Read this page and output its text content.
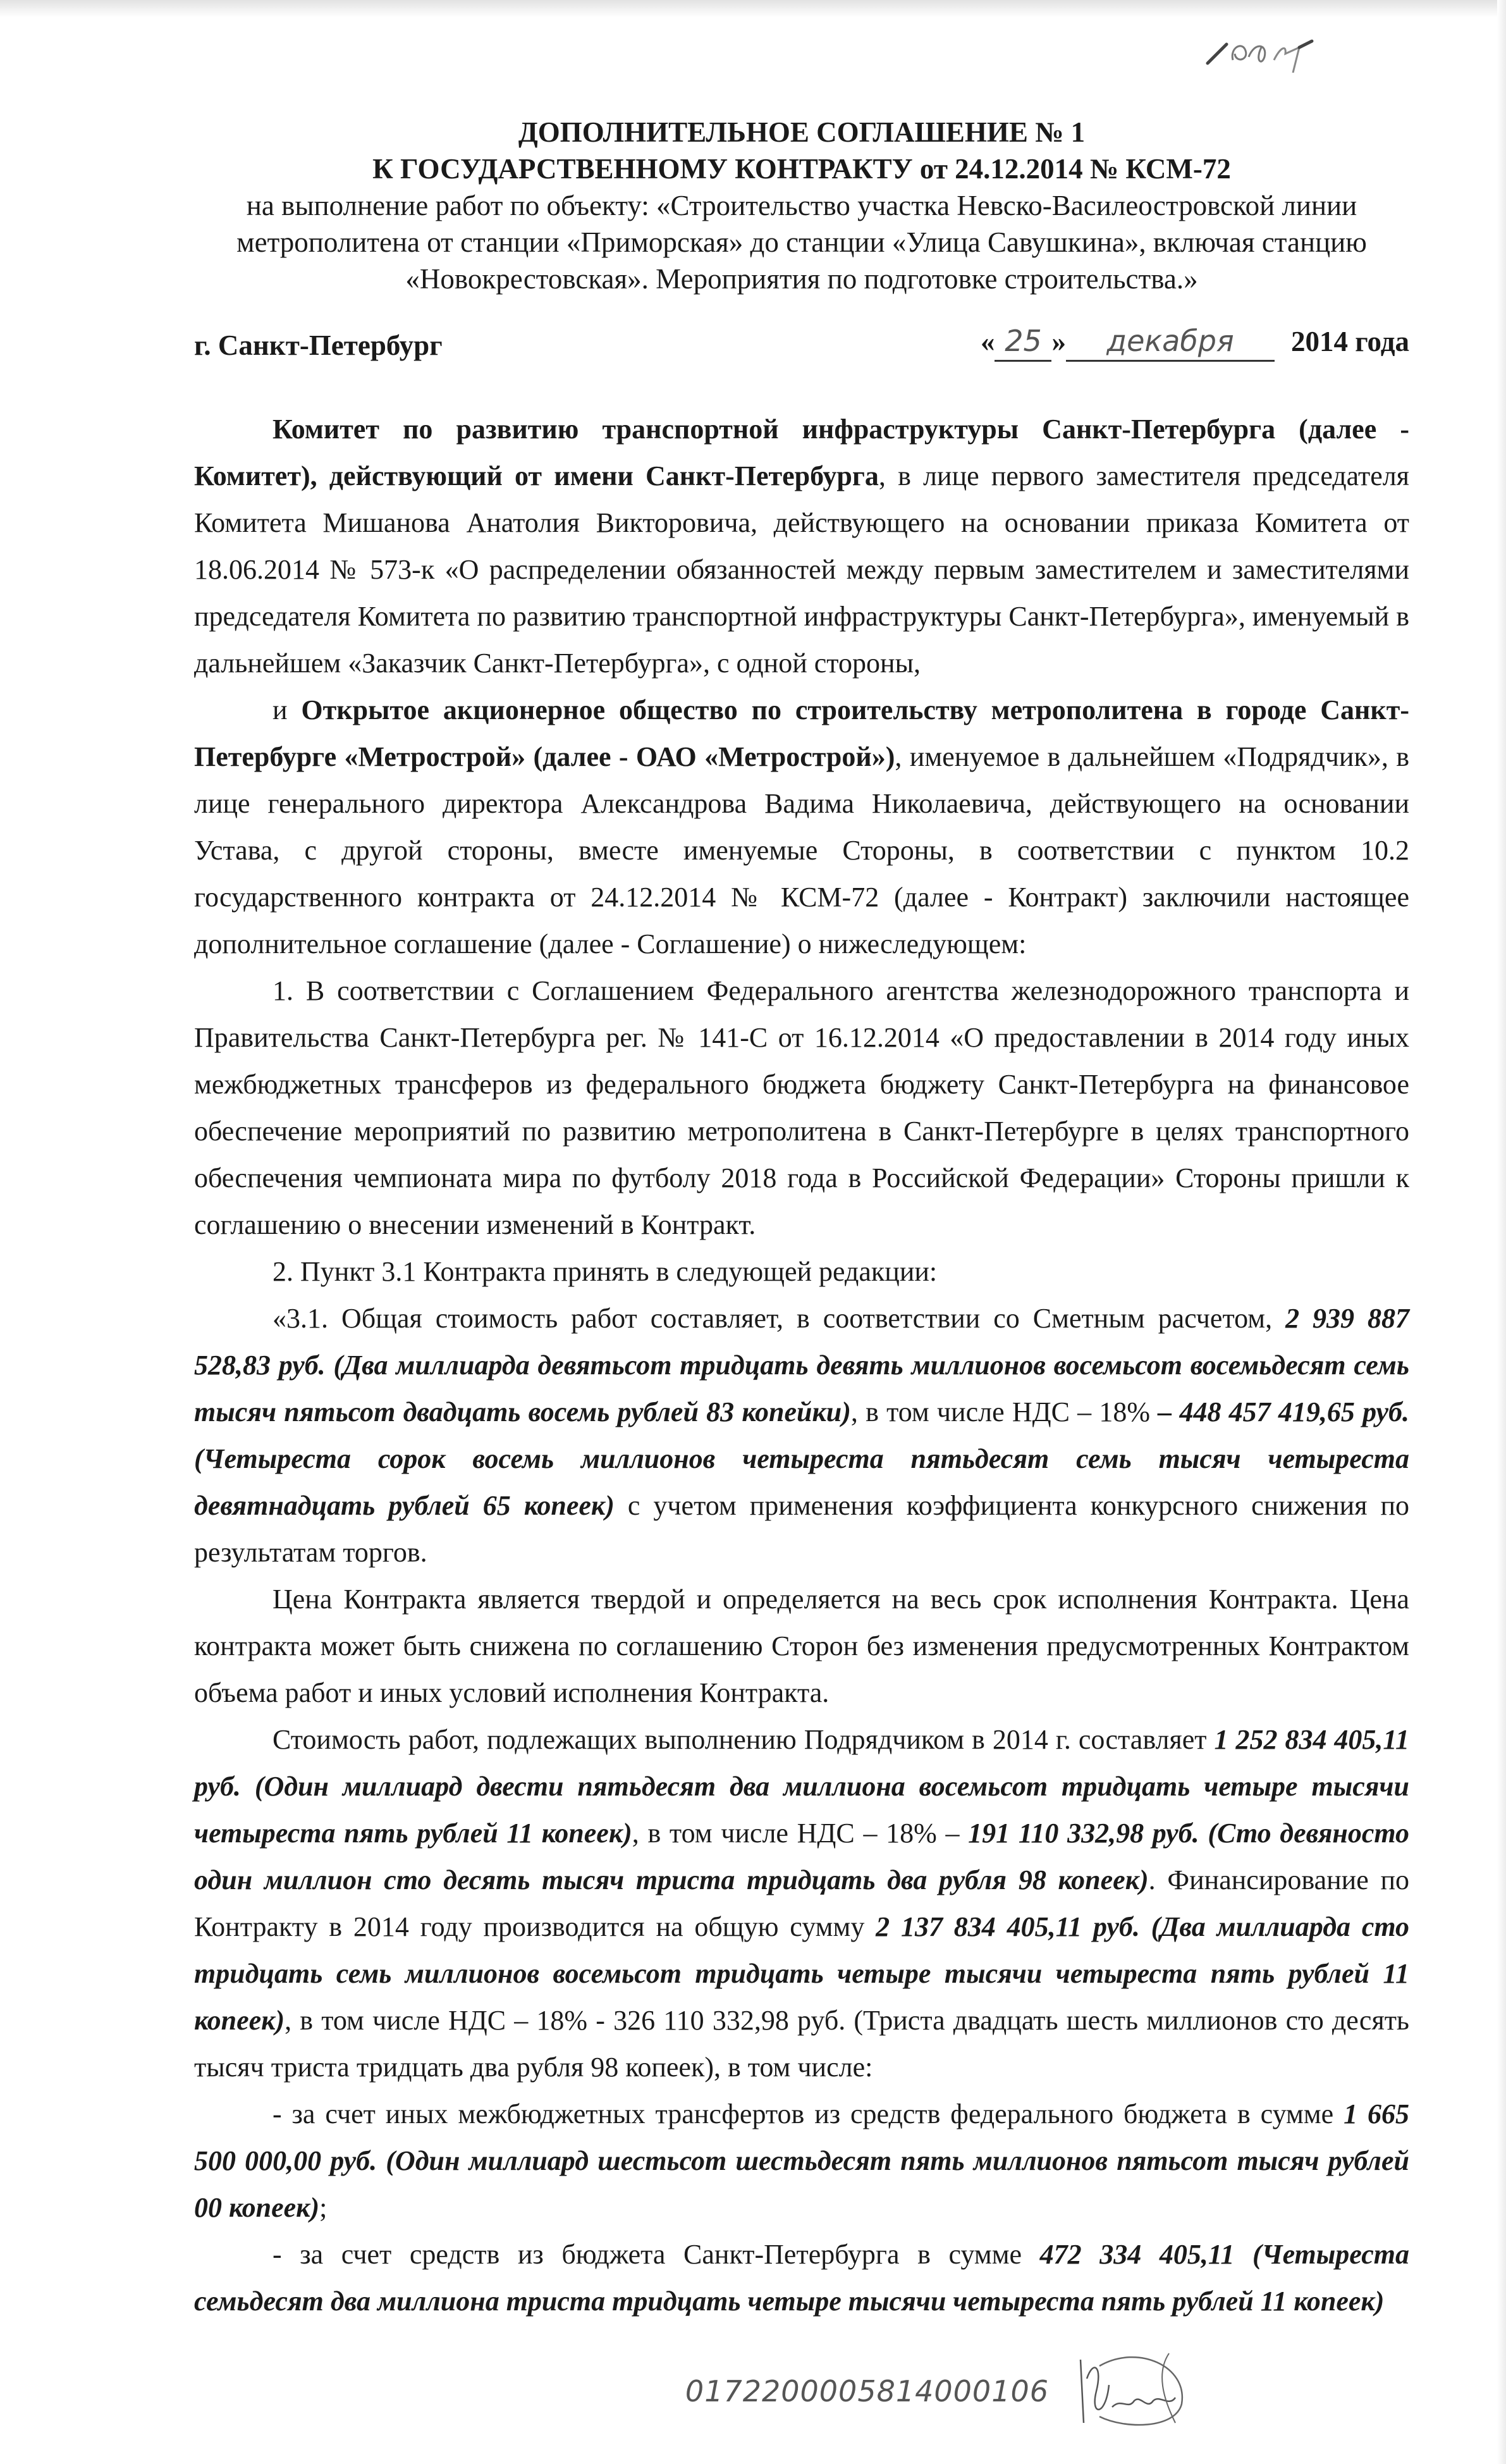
ДОПОЛНИТЕЛЬНОЕ СОГЛАШЕНИЕ № 1

К ГОСУДАРСТВЕННОМУ КОНТРАКТУ от 24.12.2014 № КСМ-72

на выполнение работ по объекту: «Строительство участка Невско-Василеостровской линии метрополитена от станции «Приморская» до станции «Улица Савушкина», включая станцию «Новокрестовская». Мероприятия по подготовке строительства.»

г. Санкт-Петербург	« 25 » декабря 2014 года

Комитет по развитию транспортной инфраструктуры Санкт-Петербурга (далее - Комитет), действующий от имени Санкт-Петербурга, в лице первого заместителя председателя Комитета Мишанова Анатолия Викторовича, действующего на основании приказа Комитета от 18.06.2014 № 573-к «О распределении обязанностей между первым заместителем и заместителями председателя Комитета по развитию транспортной инфраструктуры Санкт-Петербурга», именуемый в дальнейшем «Заказчик Санкт-Петербурга», с одной стороны,

и Открытое акционерное общество по строительству метрополитена в городе Санкт-Петербурге «Метрострой» (далее - ОАО «Метрострой»), именуемое в дальнейшем «Подрядчик», в лице генерального директора Александрова Вадима Николаевича, действующего на основании Устава, с другой стороны, вместе именуемые Стороны, в соответствии с пунктом 10.2 государственного контракта от 24.12.2014 № КСМ-72 (далее - Контракт) заключили настоящее дополнительное соглашение (далее - Соглашение) о нижеследующем:

1. В соответствии с Соглашением Федерального агентства железнодорожного транспорта и Правительства Санкт-Петербурга рег. № 141-С от 16.12.2014 «О предоставлении в 2014 году иных межбюджетных трансферов из федерального бюджета бюджету Санкт-Петербурга на финансовое обеспечение мероприятий по развитию метрополитена в Санкт-Петербурге в целях транспортного обеспечения чемпионата мира по футболу 2018 года в Российской Федерации» Стороны пришли к соглашению о внесении изменений в Контракт.

2. Пункт 3.1 Контракта принять в следующей редакции:

«3.1. Общая стоимость работ составляет, в соответствии со Сметным расчетом, 2 939 887 528,83 руб. (Два миллиарда девятьсот тридцать девять миллионов восемьсот восемьдесят семь тысяч пятьсот двадцать восемь рублей 83 копейки), в том числе НДС – 18% – 448 457 419,65 руб. (Четыреста сорок восемь миллионов четыреста пятьдесят семь тысяч четыреста девятнадцать рублей 65 копеек) с учетом применения коэффициента конкурсного снижения по результатам торгов.

Цена Контракта является твердой и определяется на весь срок исполнения Контракта. Цена контракта может быть снижена по соглашению Сторон без изменения предусмотренных Контрактом объема работ и иных условий исполнения Контракта.

Стоимость работ, подлежащих выполнению Подрядчиком в 2014 г. составляет 1 252 834 405,11 руб. (Один миллиард двести пятьдесят два миллиона восемьсот тридцать четыре тысячи четыреста пять рублей 11 копеек), в том числе НДС – 18% – 191 110 332,98 руб. (Сто девяносто один миллион сто десять тысяч триста тридцать два рубля 98 копеек). Финансирование по Контракту в 2014 году производится на общую сумму 2 137 834 405,11 руб. (Два миллиарда сто тридцать семь миллионов восемьсот тридцать четыре тысячи четыреста пять рублей 11 копеек), в том числе НДС – 18% - 326 110 332,98 руб. (Триста двадцать шесть миллионов сто десять тысяч триста тридцать два рубля 98 копеек), в том числе:

- за счет иных межбюджетных трансфертов из средств федерального бюджета в сумме 1 665 500 000,00 руб. (Один миллиард шестьсот шестьдесят пять миллионов пятьсот тысяч рублей 00 копеек);

- за счет средств из бюджета Санкт-Петербурга в сумме 472 334 405,11 (Четыреста семьдесят два миллиона триста тридцать четыре тысячи четыреста пять рублей 11 копеек)

0172200005814000106
